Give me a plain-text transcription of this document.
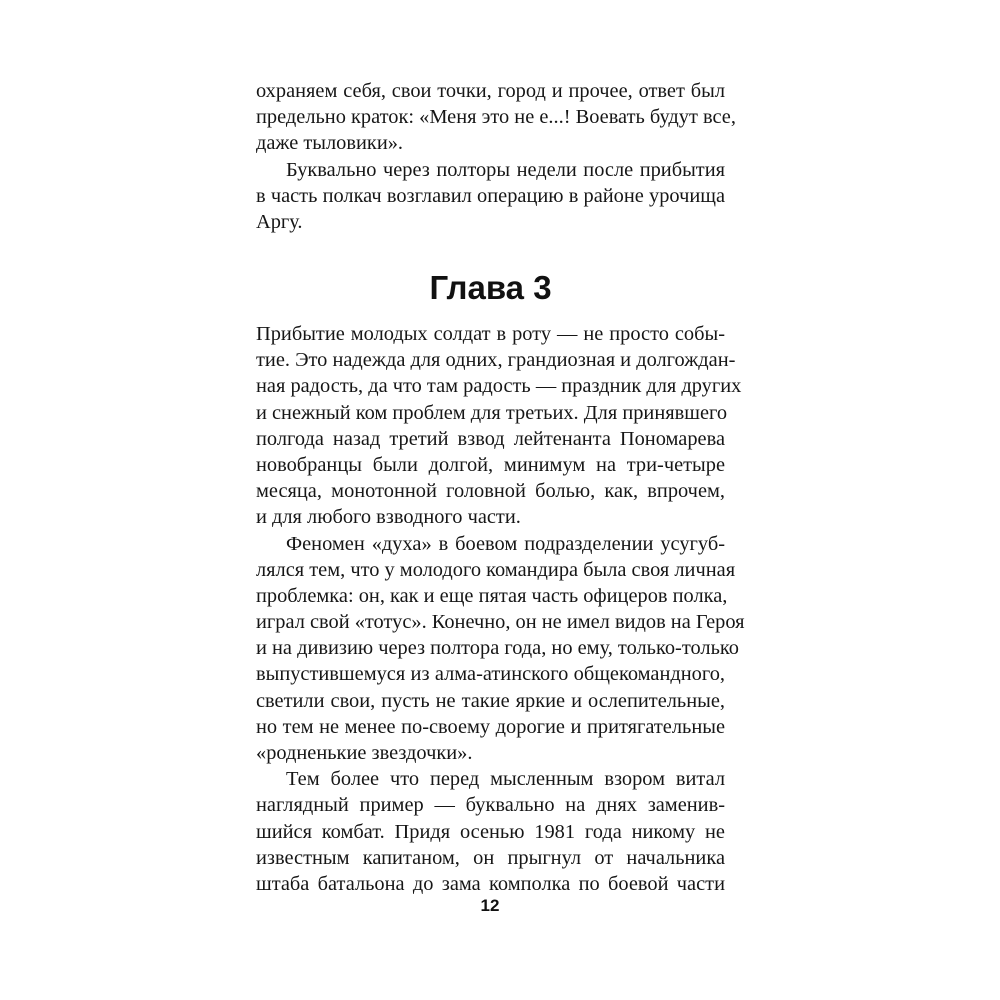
охраняем себя, свои точки, город и прочее, ответ был
предельно краток: «Меня это не е...! Воевать будут все,
даже тыловики».

Буквально через полторы недели после прибытия
в часть полкач возглавил операцию в районе урочища
Аргу.

Глава 3

Прибытие молодых солдат в роту — не просто собы-
тие. Это надежда для одних, грандиозная и долгождан-
ная радость, да что там радость — праздник для других
и снежный ком проблем для третьих. Для принявшего
полгода назад третий взвод лейтенанта Пономарева
новобранцы были долгой, минимум на три-четыре
месяца, монотонной головной болью, как, впрочем,
и для любого взводного части.

Феномен «духа» в боевом подразделении усугуб-
лялся тем, что у молодого командира была своя личная
проблемка: он, как и еще пятая часть офицеров полка,
играл свой «тотус». Конечно, он не имел видов на Героя
и на дивизию через полтора года, но ему, только-только
выпустившемуся из алма-атинского общекомандного,
светили свои, пусть не такие яркие и ослепительные,
но тем не менее по-своему дорогие и притягательные
«родненькие звездочки».

Тем более что перед мысленным взором витал
наглядный пример — буквально на днях заменив-
шийся комбат. Придя осенью 1981 года никому не
известным капитаном, он прыгнул от начальника
штаба батальона до зама комполка по боевой части

12
